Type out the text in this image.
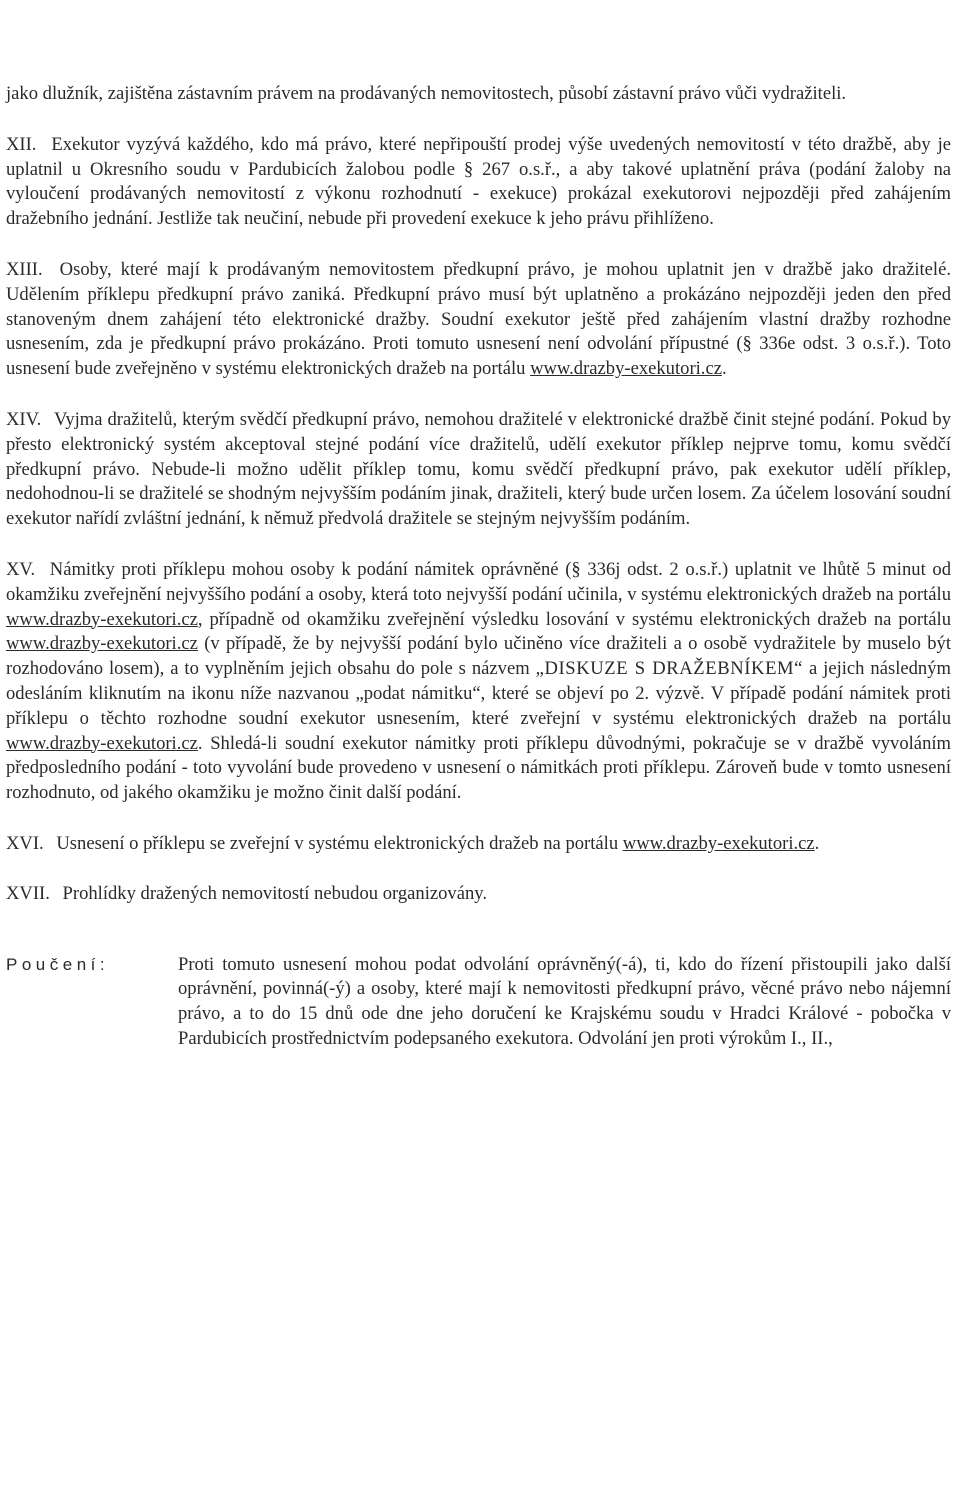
jako dlužník, zajištěna zástavním právem na prodávaných nemovitostech, působí zástavní právo vůči vydražiteli.

XII. Exekutor vyzývá každého, kdo má právo, které nepřipouští prodej výše uvedených nemovitostí v této dražbě, aby je uplatnil u Okresního soudu v Pardubicích žalobou podle § 267 o.s.ř., a aby takové uplatnění práva (podání žaloby na vyloučení prodávaných nemovitostí z výkonu rozhodnutí - exekuce) prokázal exekutorovi nejpozději před zahájením dražebního jednání. Jestliže tak neučiní, nebude při provedení exekuce k jeho právu přihlíženo.

XIII. Osoby, které mají k prodávaným nemovitostem předkupní právo, je mohou uplatnit jen v dražbě jako dražitelé. Udělením příklepu předkupní právo zaniká. Předkupní právo musí být uplatněno a prokázáno nejpozději jeden den před stanoveným dnem zahájení této elektronické dražby. Soudní exekutor ještě před zahájením vlastní dražby rozhodne usnesením, zda je předkupní právo prokázáno. Proti tomuto usnesení není odvolání přípustné (§ 336e odst. 3 o.s.ř.). Toto usnesení bude zveřejněno v systému elektronických dražeb na portálu www.drazby-exekutori.cz.

XIV. Vyjma dražitelů, kterým svědčí předkupní právo, nemohou dražitelé v elektronické dražbě činit stejné podání. Pokud by přesto elektronický systém akceptoval stejné podání více dražitelů, udělí exekutor příklep nejprve tomu, komu svědčí předkupní právo. Nebude-li možno udělit příklep tomu, komu svědčí předkupní právo, pak exekutor udělí příklep, nedohodnou-li se dražitelé se shodným nejvyšším podáním jinak, dražiteli, který bude určen losem. Za účelem losování soudní exekutor nařídí zvláštní jednání, k němuž předvolá dražitele se stejným nejvyšším podáním.

XV. Námitky proti příklepu mohou osoby k podání námitek oprávněné (§ 336j odst. 2 o.s.ř.) uplatnit ve lhůtě 5 minut od okamžiku zveřejnění nejvyššího podání a osoby, která toto nejvyšší podání učinila, v systému elektronických dražeb na portálu www.drazby-exekutori.cz, případně od okamžiku zveřejnění výsledku losování v systému elektronických dražeb na portálu www.drazby-exekutori.cz (v případě, že by nejvyšší podání bylo učiněno více dražiteli a o osobě vydražitele by muselo být rozhodováno losem), a to vyplněním jejich obsahu do pole s názvem „DISKUZE S DRAŽEBNÍKEM“ a jejich následným odesláním kliknutím na ikonu níže nazvanou „podat námitku“, které se objeví po 2. výzvě. V případě podání námitek proti příklepu o těchto rozhodne soudní exekutor usnesením, které zveřejní v systému elektronických dražeb na portálu www.drazby-exekutori.cz. Shledá-li soudní exekutor námitky proti příklepu důvodnými, pokračuje se v dražbě vyvoláním předposledního podání - toto vyvolání bude provedeno v usnesení o námitkách proti příklepu. Zároveň bude v tomto usnesení rozhodnuto, od jakého okamžiku je možno činit další podání.

XVI. Usnesení o příklepu se zveřejní v systému elektronických dražeb na portálu www.drazby-exekutori.cz.

XVII. Prohlídky dražených nemovitostí nebudou organizovány.

Poučení:	Proti tomuto usnesení mohou podat odvolání oprávněný(-á), ti, kdo do řízení přistoupili jako další oprávnění, povinná(-ý) a osoby, které mají k nemovitosti předkupní právo, věcné právo nebo nájemní právo, a to do 15 dnů ode dne jeho doručení ke Krajskému soudu v Hradci Králové - pobočka v Pardubicích prostřednictvím podepsaného exekutora. Odvolání jen proti výrokům I., II.,
